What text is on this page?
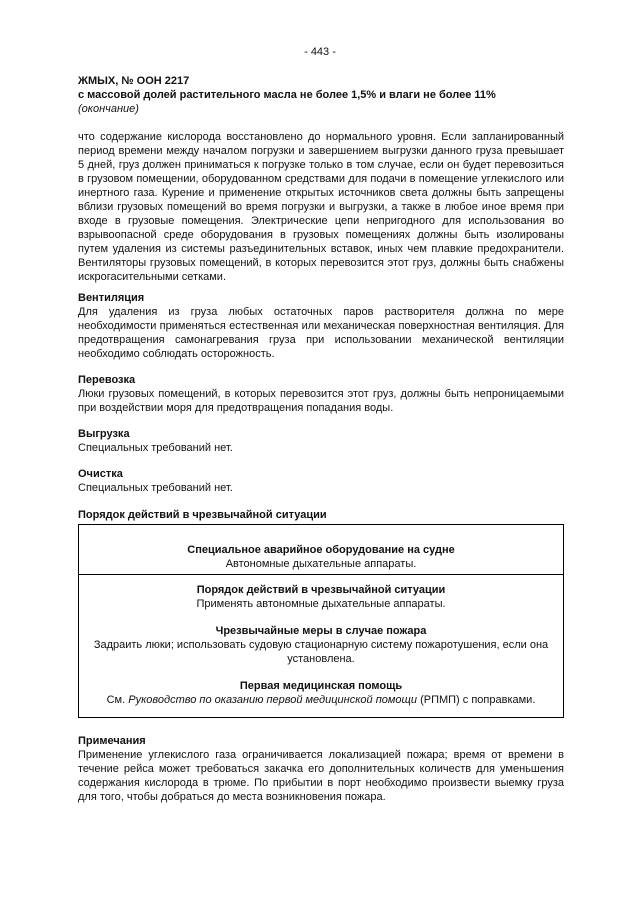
- 443 -
ЖМЫХ, № ООН 2217
с массовой долей растительного масла не более 1,5% и влаги не более 11%
(окончание)

что содержание кислорода восстановлено до нормального уровня. Если запланированный период времени между началом погрузки и завершением выгрузки данного груза превышает 5 дней, груз должен приниматься к погрузке только в том случае, если он будет перевозиться в грузовом помещении, оборудованном средствами для подачи в помещение углекислого или инертного газа. Курение и применение открытых источников света должны быть запрещены вблизи грузовых помещений во время погрузки и выгрузки, а также в любое иное время при входе в грузовые помещения. Электрические цепи непригодного для использования во взрывоопасной среде оборудования в грузовых помещениях должны быть изолированы путем удаления из системы разъединительных вставок, иных чем плавкие предохранители. Вентиляторы грузовых помещений, в которых перевозится этот груз, должны быть снабжены искрогасительными сетками.

Вентиляция

Для удаления из груза любых остаточных паров растворителя должна по мере необходимости применяться естественная или механическая поверхностная вентиляция. Для предотвращения самонагревания груза при использовании механической вентиляции необходимо соблюдать осторожность.

Перевозка

Люки грузовых помещений, в которых перевозится этот груз, должны быть непроницаемыми при воздействии моря для предотвращения попадания воды.

Выгрузка

Специальных требований нет.

Очистка

Специальных требований нет.

Порядок действий в чрезвычайной ситуации
Специальное аварийное оборудование на судне
Автономные дыхательные аппараты.
Порядок действий в чрезвычайной ситуации
Применять автономные дыхательные аппараты.
Чрезвычайные меры в случае пожара
Задраить люки; использовать судовую стационарную систему пожаротушения, если она установлена.
Первая медицинская помощь
См. Руководство по оказанию первой медицинской помощи (РПМП) с поправками.
Примечания

Применение углекислого газа ограничивается локализацией пожара; время от времени в течение рейса может требоваться закачка его дополнительных количеств для уменьшения содержания кислорода в трюме. По прибытии в порт необходимо произвести выемку груза для того, чтобы добраться до места возникновения пожара.
